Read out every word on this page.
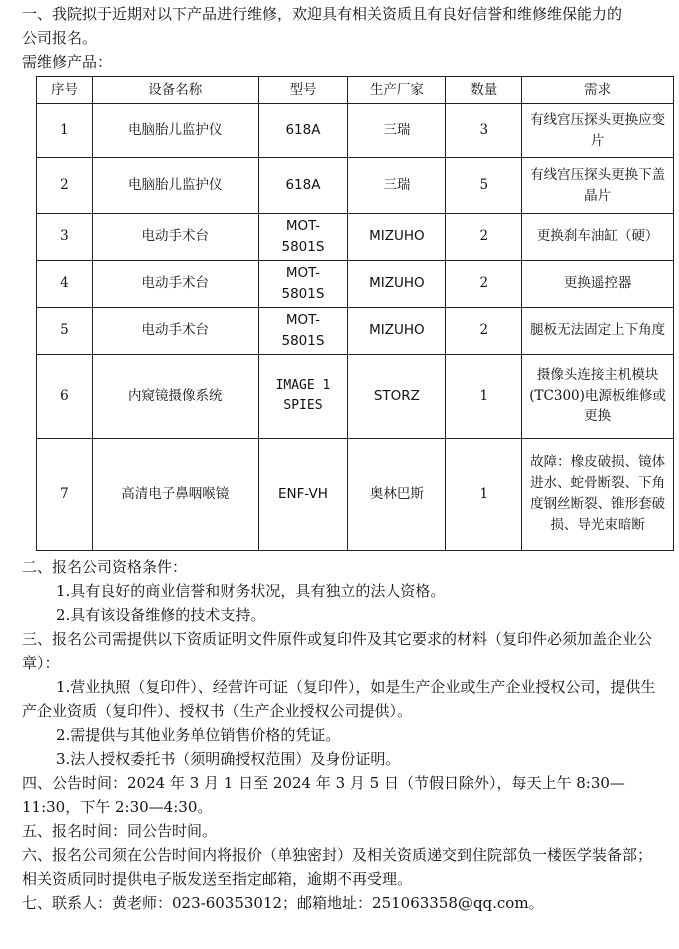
一、我院拟于近期对以下产品进行维修，欢迎具有相关资质且有良好信誉和维修维保能力的

公司报名。

需维修产品：

序号	设备名称	型号	生产厂家	数量	需求
1	电脑胎儿监护仪	618A	三瑞	3	有线宫压探头更换应变片
2	电脑胎儿监护仪	618A	三瑞	5	有线宫压探头更换下盖晶片
3	电动手术台	MOT-5801S	MIZUHO	2	更换刹车油缸（硬）
4	电动手术台	MOT-5801S	MIZUHO	2	更换遥控器
5	电动手术台	MOT-5801S	MIZUHO	2	腿板无法固定上下角度
6	内窥镜摄像系统	IMAGE 1 SPIES	STORZ	1	摄像头连接主机模块(TC300)电源板维修或更换
7	高清电子鼻咽喉镜	ENF-VH	奥林巴斯	1	故障：橡皮破损、镜体进水、蛇骨断裂、下角度钢丝断裂、锥形套破损、导光束暗断

二、报名公司资格条件：

1.具有良好的商业信誉和财务状况，具有独立的法人资格。

2.具有该设备维修的技术支持。

三、报名公司需提供以下资质证明文件原件或复印件及其它要求的材料（复印件必须加盖企业公章）：

1.营业执照（复印件）、经营许可证（复印件），如是生产企业或生产企业授权公司，提供生产企业资质（复印件）、授权书（生产企业授权公司提供）。

2.需提供与其他业务单位销售价格的凭证。

3.法人授权委托书（须明确授权范围）及身份证明。

四、公告时间：2024 年 3 月 1 日至 2024 年 3 月 5 日（节假日除外），每天上午 8:30—11:30，下午 2:30—4:30。

五、报名时间：同公告时间。

六、报名公司须在公告时间内将报价（单独密封）及相关资质递交到住院部负一楼医学装备部；相关资质同时提供电子版发送至指定邮箱，逾期不再受理。

七、联系人：黄老师：023-60353012；邮箱地址：251063358@qq.com。
